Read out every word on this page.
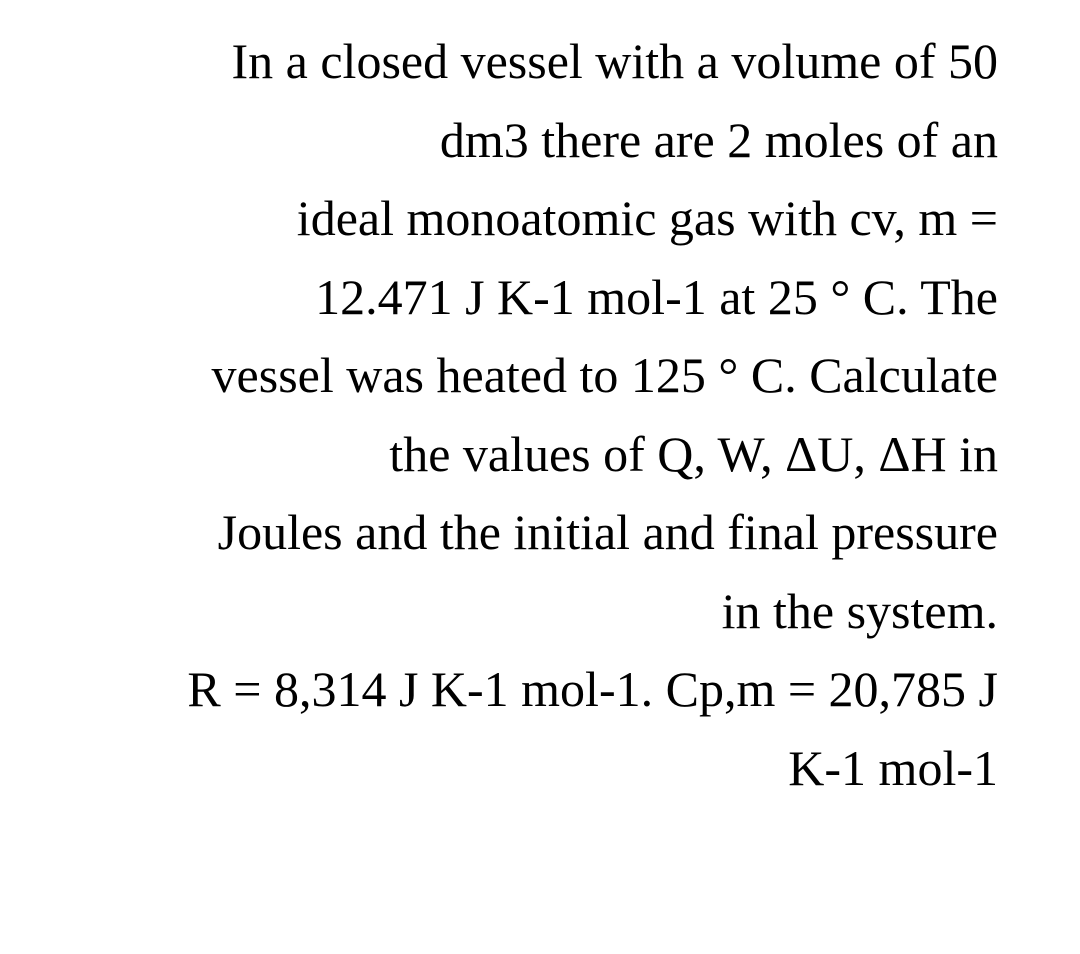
In a closed vessel with a volume of 50
dm3 there are 2 moles of an
ideal monoatomic gas with cv, m =
12.471 J K-1 mol-1 at 25 ° C. The
vessel was heated to 125 ° C. Calculate
the values of Q, W, ΔU, ΔH in
Joules and the initial and final pressure
in the system.
R = 8,314 J K-1 mol-1. Cp,m = 20,785 J
K-1 mol-1
